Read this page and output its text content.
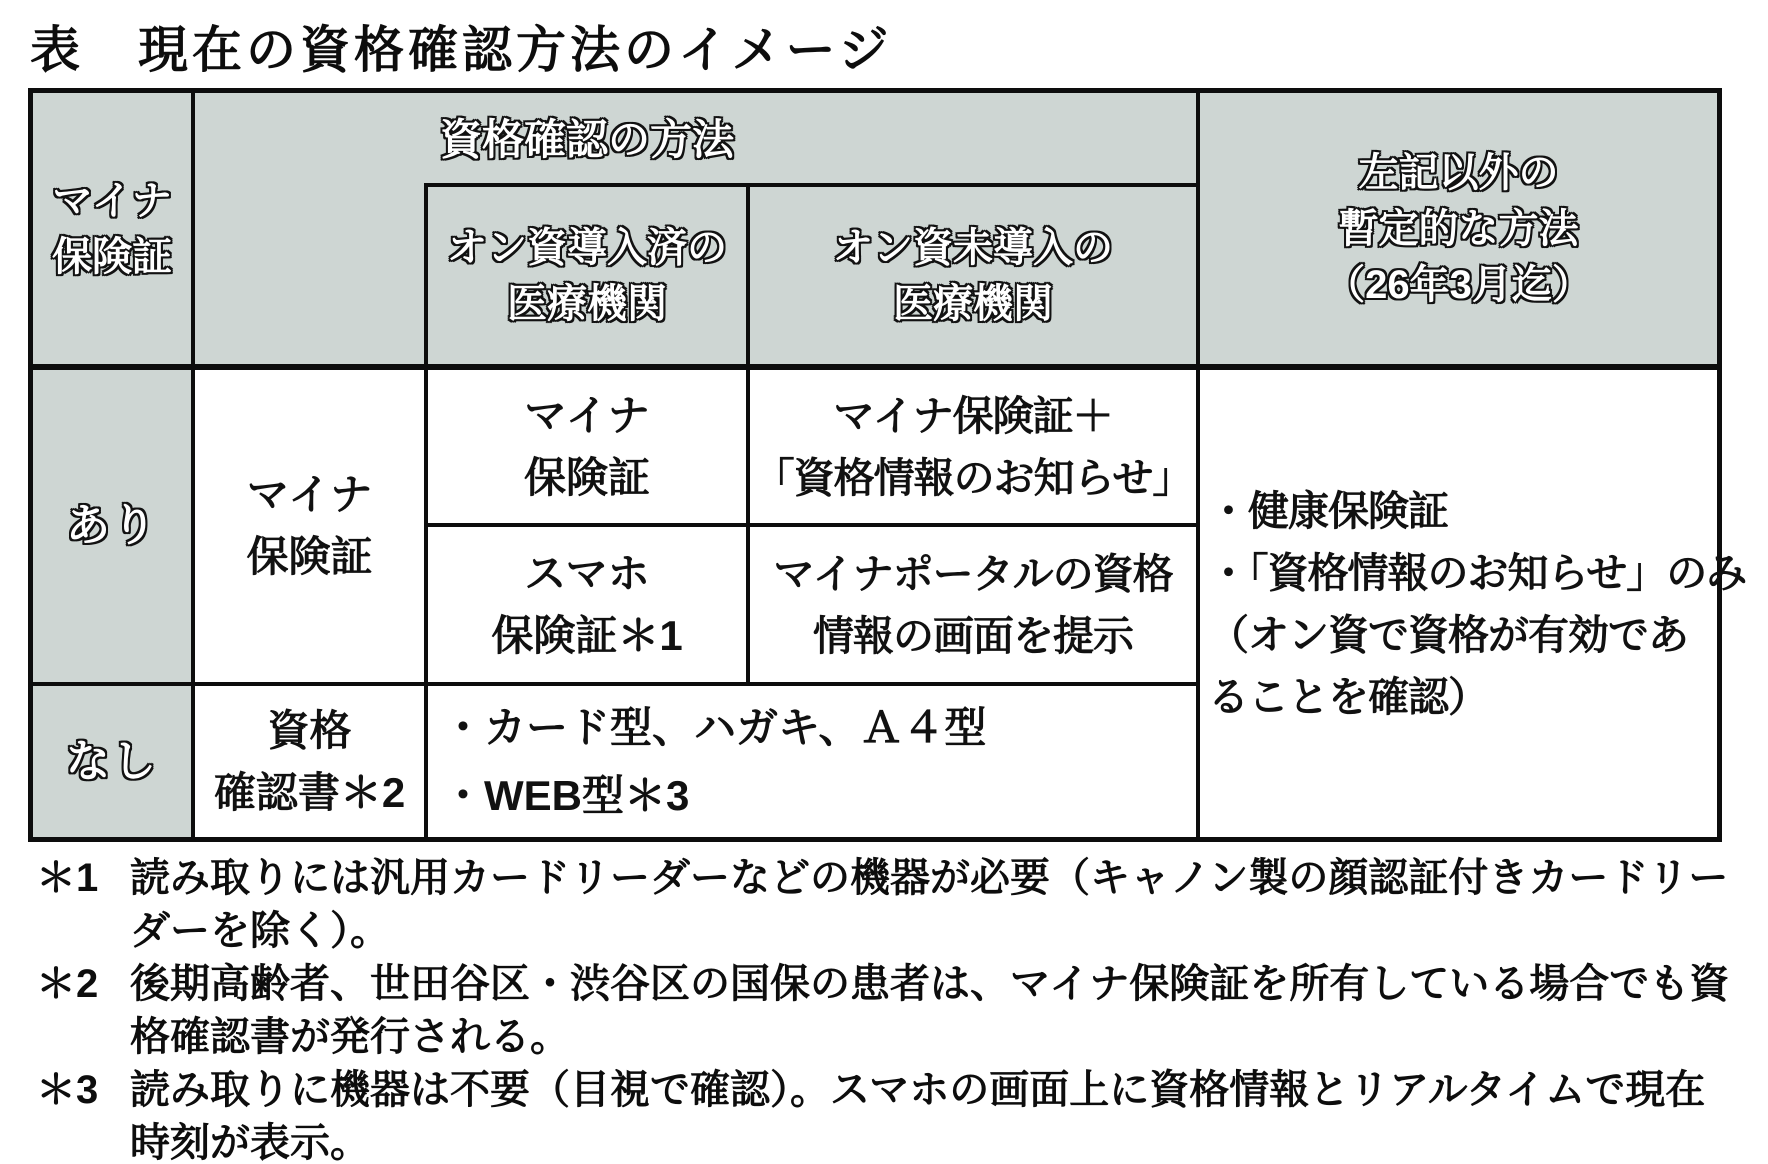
表　現在の資格確認方法のイメージ
マイナ
保険証
資格確認の方法
オン資導入済の
医療機関
オン資未導入の
医療機関
左記以外の
暫定的な方法
（26年3月迄）
あり
マイナ
保険証
マイナ
保険証
マイナ保険証＋
「資格情報のお知らせ」
スマホ
保険証＊1
マイナポータルの資格
情報の画面を提示
なし
資格
確認書＊2
・カード型、ハガキ、Ａ４型
・WEB型＊3
・健康保険証
・「資格情報のお知らせ」のみ
（オン資で資格が有効であ
ることを確認）
＊1 読み取りには汎用カードリーダーなどの機器が必要（キャノン製の顔認証付きカードリーダーを除く）。
＊2 後期高齢者、世田谷区・渋谷区の国保の患者は、マイナ保険証を所有している場合でも資格確認書が発行される。
＊3 読み取りに機器は不要（目視で確認）。スマホの画面上に資格情報とリアルタイムで現在時刻が表示。
